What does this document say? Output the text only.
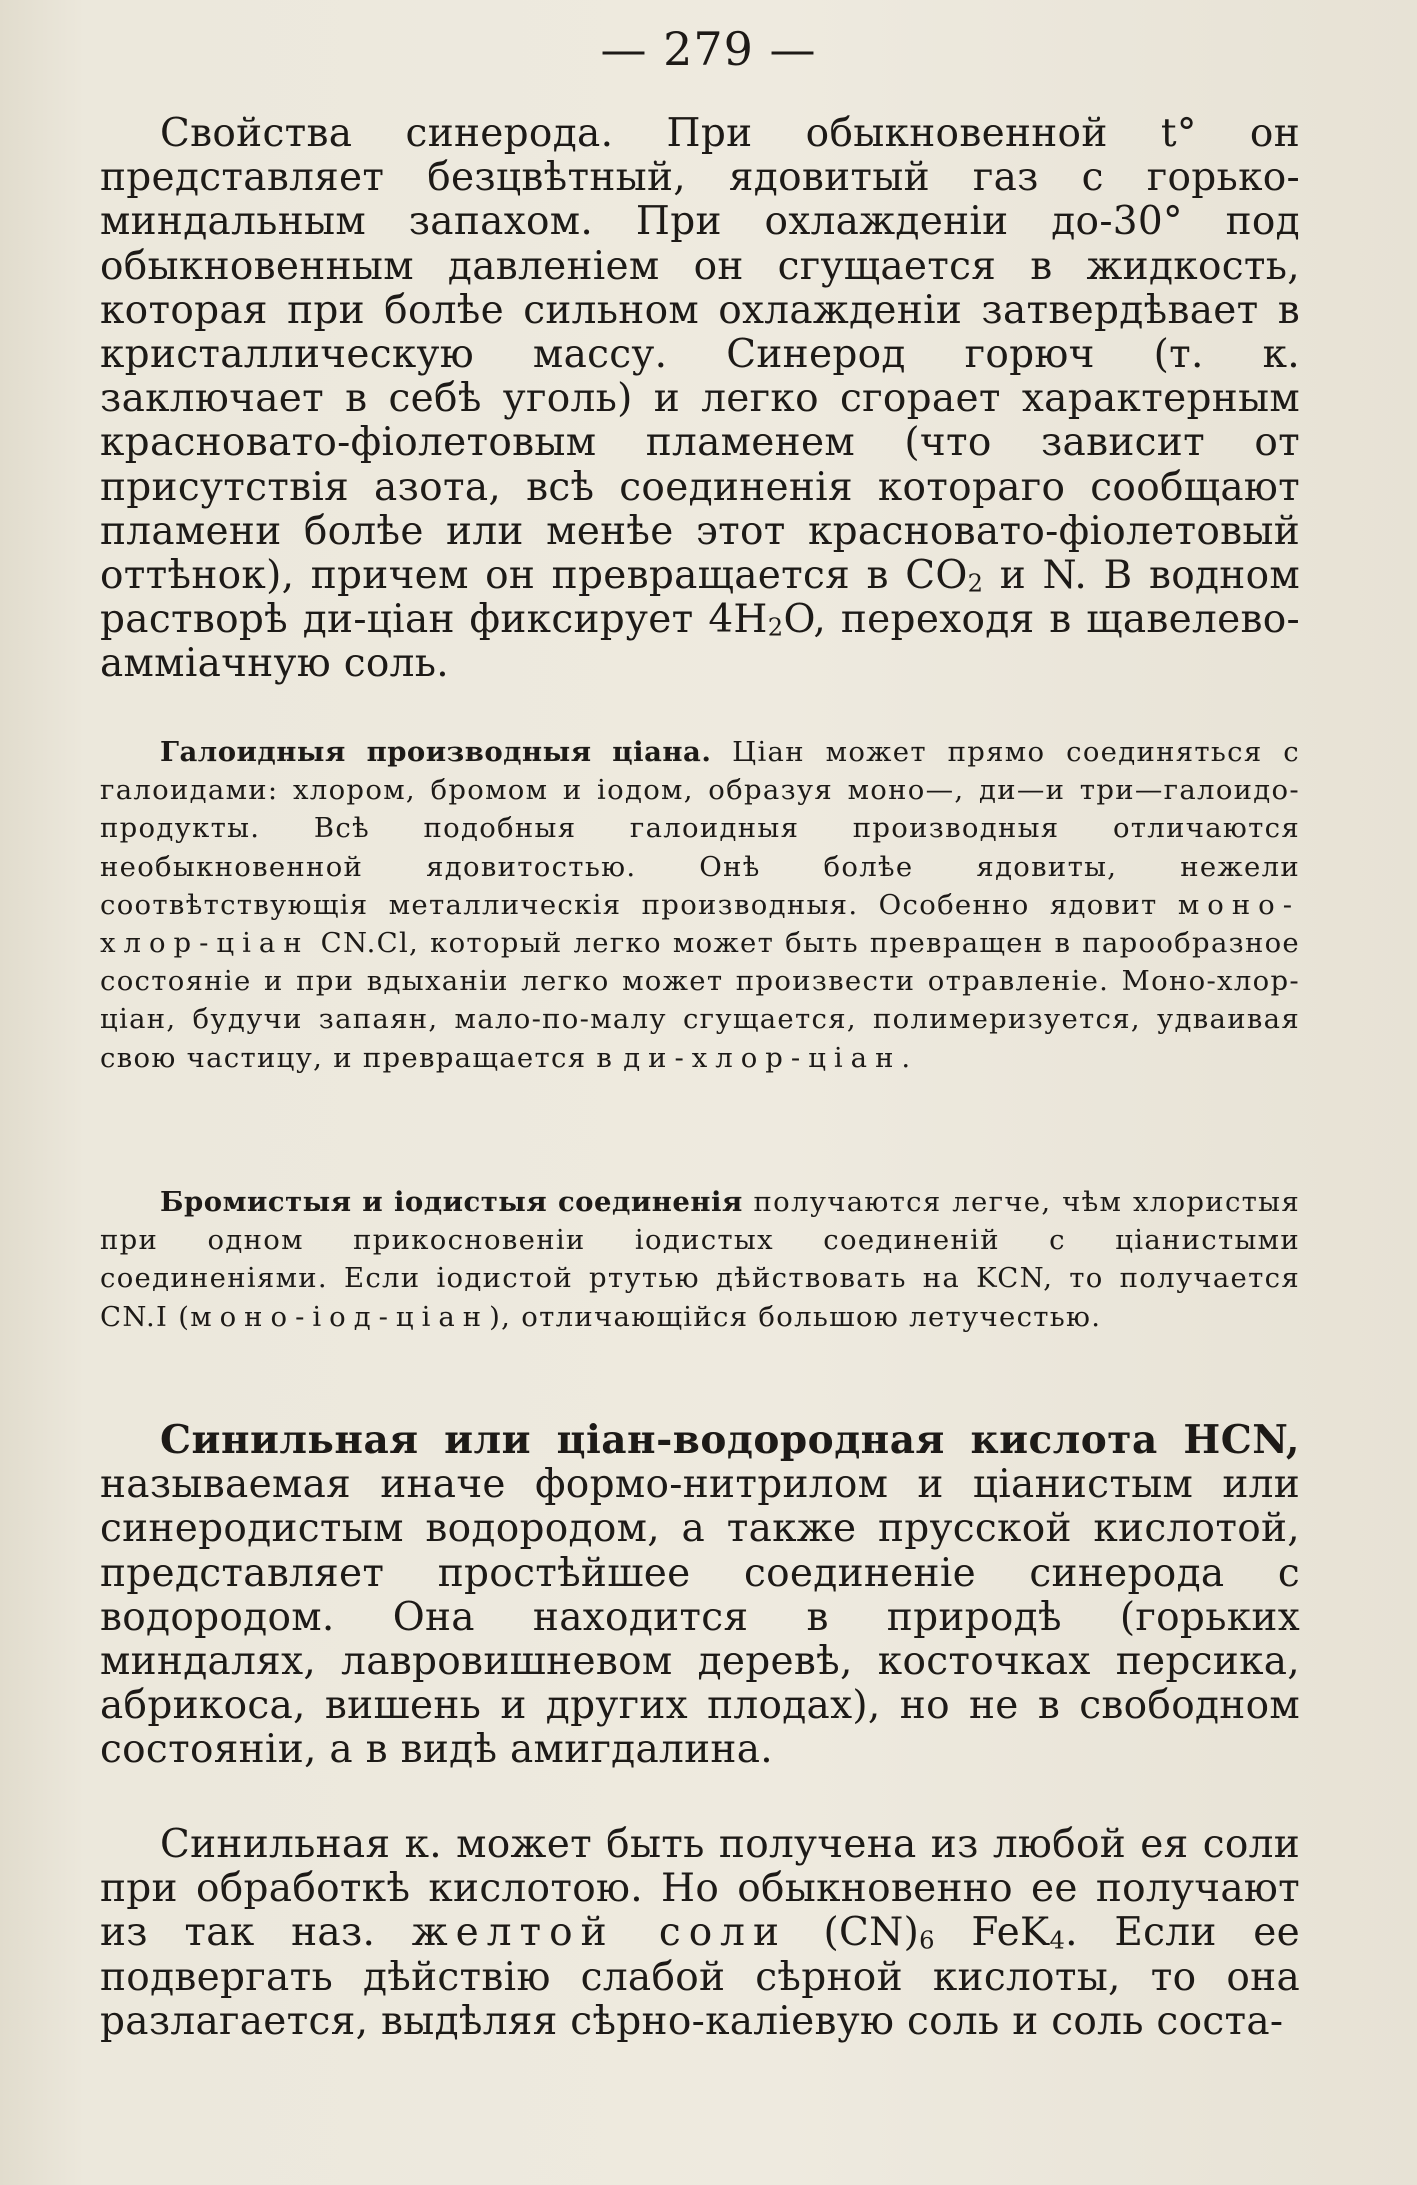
— 279 —

Свойства синерода. При обыкновенной t° он представляет безцвѣтный, ядовитый газ с горько-миндальным запахом. При охлажденіи до-30° под обыкновенным давленіем он сгущается в жидкость, которая при болѣе сильном охлажденіи затвердѣвает в кристаллическую массу. Синерод горюч (т. к. заключает в себѣ уголь) и легко сгорает характерным красновато-фіолетовым пламенем (что зависит от присутствія азота, всѣ соединенія котораго сообщают пламени болѣе или менѣе этот красновато-фіолетовый оттѣнок), причем он превращается в $CO_2$ и N. В водном растворѣ ди-ціан фиксирует $4H_2O$, переходя в щавелево-амміачную соль.

Галоидныя производныя ціана. Ціан может прямо соединяться с галоидами: хлором, бромом и іодом, образуя моно—, ди—и три—галоидо-продукты. Всѣ подобныя галоидныя производныя отличаются необыкновенной ядовитостью. Онѣ болѣе ядовиты, нежели соотвѣтствующія металлическія производныя. Особенно ядовит моно-хлор-ціан CN.Cl, который легко может быть превращен в парообразное состояніе и при вдыханіи легко может произвести отравленіе. Моно-хлор-ціан, будучи запаян, мало-по-малу сгущается, полимеризуется, удваивая свою частицу, и превращается в ди-хлор-ціан.

Бромистыя и іодистыя соединенія получаются легче, чѣм хлористыя при одном прикосновеніи іодистых соединеній с ціанистыми соединеніями. Если іодистой ртутью дѣйствовать на KCN, то получается CN.I (моно-іод-ціан), отличающійся большою летучестью.

Синильная или ціан-водородная кислота HCN, называемая иначе формо-нитрилом и ціанистым или синеродистым водородом, а также прусской кислотой, представляет простѣйшее соединеніе синерода с водородом. Она находится в природѣ (горьких миндалях, лавровишневом деревѣ, косточках персика, абрикоса, вишень и других плодах), но не в свободном состояніи, а в видѣ амигдалина.

Синильная к. может быть получена из любой ея соли при обработкѣ кислотою. Но обыкновенно ее получают из так наз. желтой соли $(CN)_6$ FeK$_4$. Если ее подвергать дѣйствію слабой сѣрной кислоты, то она разлагается, выдѣляя сѣрно-каліевую соль и соль соста-
